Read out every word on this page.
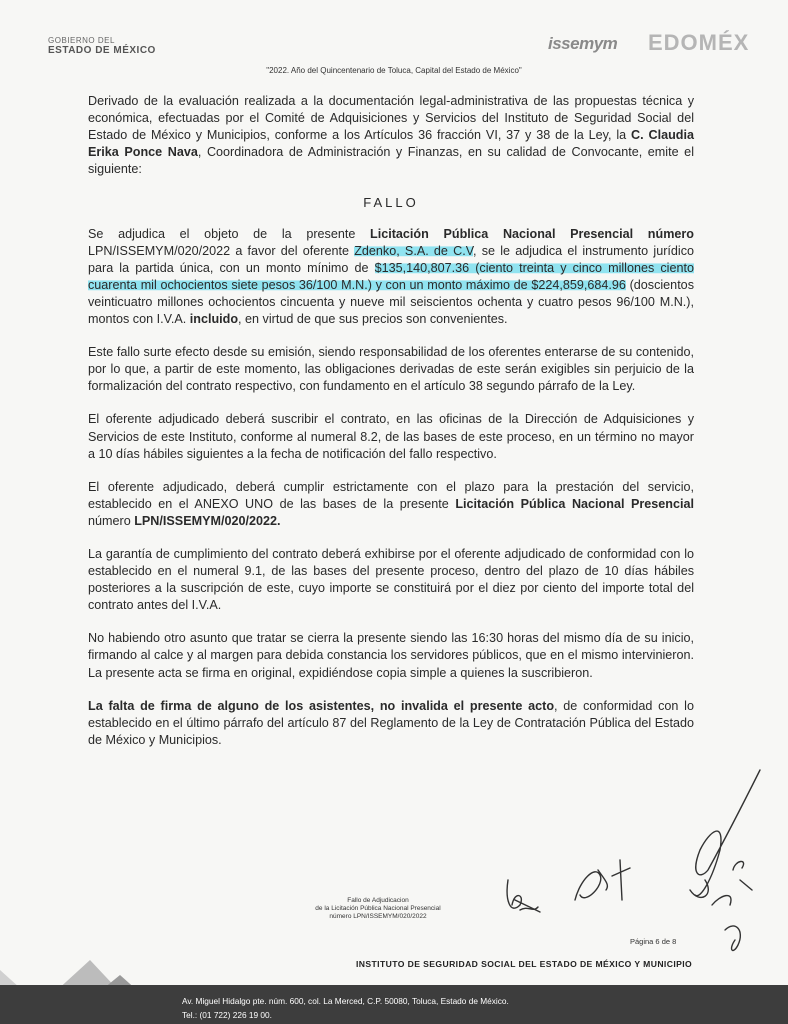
GOBIERNO DEL
ESTADO DE MÉXICO	issemym EDOMÉX
"2022. Año del Quincentenario de Toluca, Capital del Estado de México"

Derivado de la evaluación realizada a la documentación legal-administrativa de las propuestas técnica y económica, efectuadas por el Comité de Adquisiciones y Servicios del Instituto de Seguridad Social del Estado de México y Municipios, conforme a los Artículos 36 fracción VI, 37 y 38 de la Ley, la C. Claudia Erika Ponce Nava, Coordinadora de Administración y Finanzas, en su calidad de Convocante, emite el siguiente:

FALLO

Se adjudica el objeto de la presente Licitación Pública Nacional Presencial número LPN/ISSEMYM/020/2022 a favor del oferente Zdenko, S.A. de C.V, se le adjudica el instrumento jurídico para la partida única, con un monto mínimo de $135,140,807.36 (ciento treinta y cinco millones ciento cuarenta mil ochocientos siete pesos 36/100 M.N.) y con un monto máximo de $224,859,684.96 (doscientos veinticuatro millones ochocientos cincuenta y nueve mil seiscientos ochenta y cuatro pesos 96/100 M.N.), montos con I.V.A. incluido, en virtud de que sus precios son convenientes.

Este fallo surte efecto desde su emisión, siendo responsabilidad de los oferentes enterarse de su contenido, por lo que, a partir de este momento, las obligaciones derivadas de este serán exigibles sin perjuicio de la formalización del contrato respectivo, con fundamento en el artículo 38 segundo párrafo de la Ley.

El oferente adjudicado deberá suscribir el contrato, en las oficinas de la Dirección de Adquisiciones y Servicios de este Instituto, conforme al numeral 8.2, de las bases de este proceso, en un término no mayor a 10 días hábiles siguientes a la fecha de notificación del fallo respectivo.

El oferente adjudicado, deberá cumplir estrictamente con el plazo para la prestación del servicio, establecido en el ANEXO UNO de las bases de la presente Licitación Pública Nacional Presencial número LPN/ISSEMYM/020/2022.

La garantía de cumplimiento del contrato deberá exhibirse por el oferente adjudicado de conformidad con lo establecido en el numeral 9.1, de las bases del presente proceso, dentro del plazo de 10 días hábiles posteriores a la suscripción de este, cuyo importe se constituirá por el diez por ciento del importe total del contrato antes del I.V.A.

No habiendo otro asunto que tratar se cierra la presente siendo las 16:30 horas del mismo día de su inicio, firmando al calce y al margen para debida constancia los servidores públicos, que en el mismo intervinieron. La presente acta se firma en original, expidiéndose copia simple a quienes la suscribieron.

La falta de firma de alguno de los asistentes, no invalida el presente acto, de conformidad con lo establecido en el último párrafo del artículo 87 del Reglamento de la Ley de Contratación Pública del Estado de México y Municipios.

Fallo de Adjudicacion
de la Licitación Pública Nacional Presencial
número LPN/ISSEMYM/020/2022
Página 6 de 8
INSTITUTO DE SEGURIDAD SOCIAL DEL ESTADO DE MÉXICO Y MUNICIPIO
Av. Miguel Hidalgo pte. núm. 600, col. La Merced, C.P. 50080, Toluca, Estado de México.
Tel.: (01 722) 226 19 00.
